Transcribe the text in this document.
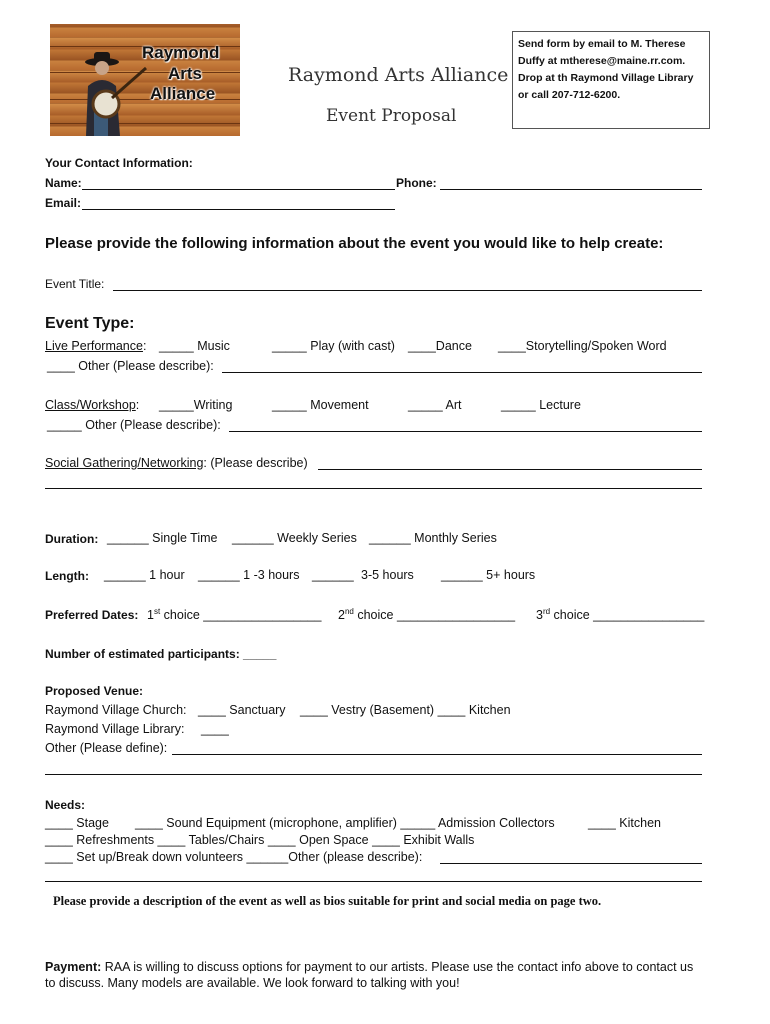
Raymond
Arts
Alliance
Raymond Arts Alliance
Event Proposal
Send form by email to M. Therese
Duffy at mtherese@maine.rr.com.
Drop at th Raymond Village Library
or call 207-712-6200.
Your Contact Information:
Name:	Phone:
Email:
Please provide the following information about the event you would like to help create:
Event Title:
Event Type:
Live Performance: _____ Music	_____ Play (with cast) ____Dance ____Storytelling/Spoken Word
____ Other (Please describe):
Class/Workshop: _____Writing	_____ Movement	_____ Art	_____ Lecture
_____ Other (Please describe):
Social Gathering/Networking: (Please describe)
Duration: ______ Single Time ______ Weekly Series ______ Monthly Series
Length: ______ 1 hour ______ 1 -3 hours ______ 3-5 hours ______ 5+ hours
Preferred Dates: 1st choice _________________ 2nd choice _________________ 3rd choice ________________
Number of estimated participants: _____
Proposed Venue:
Raymond Village Church: ____ Sanctuary ____ Vestry (Basement) ____ Kitchen
Raymond Village Library: ____
Other (Please define):
Needs:
____ Stage ____ Sound Equipment (microphone, amplifier) _____ Admission Collectors	____ Kitchen
____ Refreshments ____ Tables/Chairs ____ Open Space ____ Exhibit Walls
____ Set up/Break down volunteers ______Other (please describe):
Please provide a description of the event as well as bios suitable for print and social media on page two.
Payment: RAA is willing to discuss options for payment to our artists. Please use the contact info above to contact us
to discuss. Many models are available. We look forward to talking with you!
